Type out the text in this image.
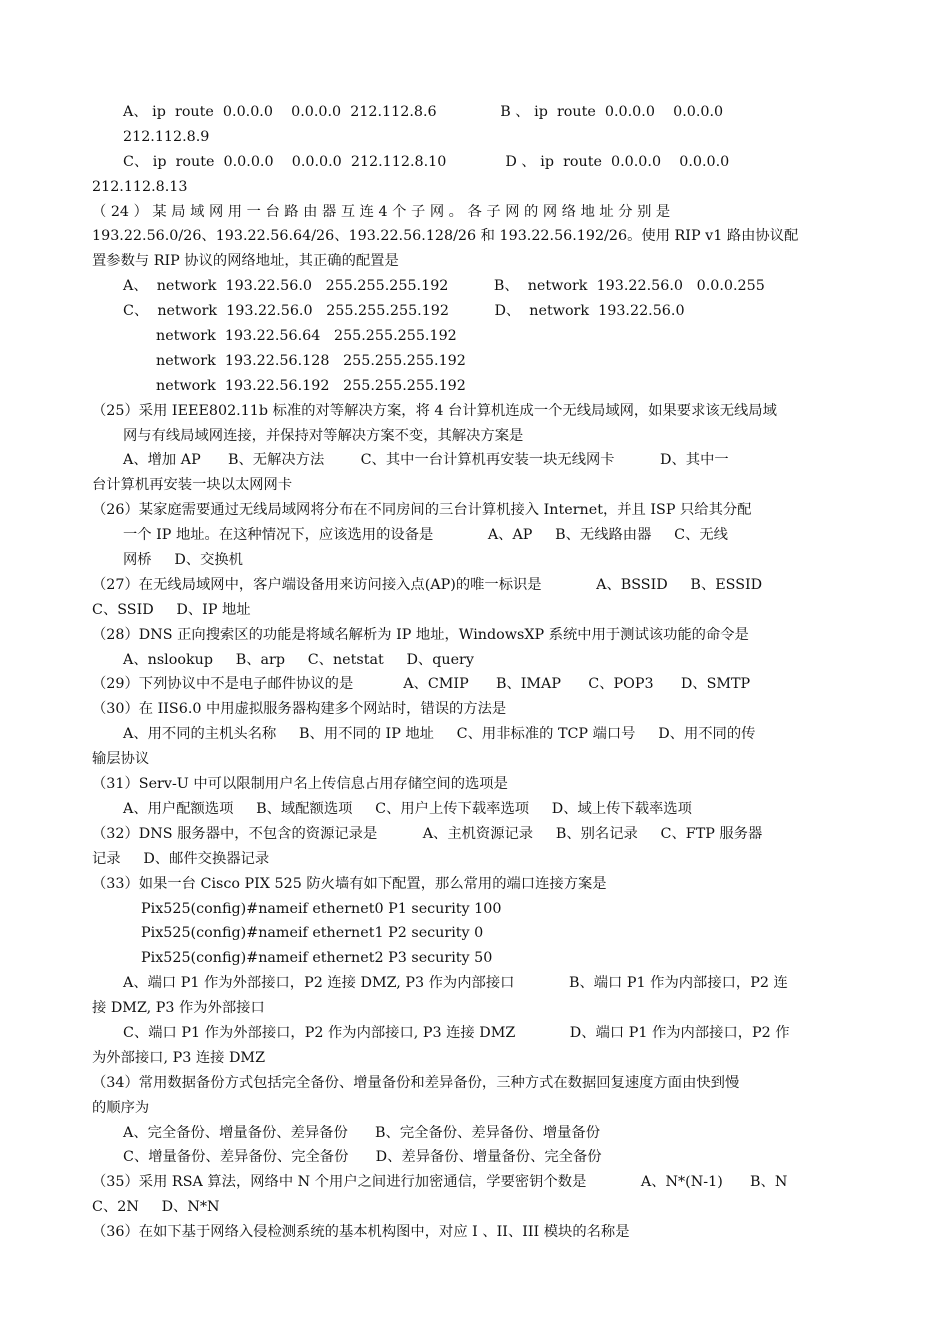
A、 ip  route  0.0.0.0    0.0.0.0  212.112.8.6              B 、 ip  route  0.0.0.0    0.0.0.0
212.112.8.9
C、 ip  route  0.0.0.0    0.0.0.0  212.112.8.10             D 、 ip  route  0.0.0.0    0.0.0.0
212.112.8.13
（ 24 ） 某 局 域 网 用 一 台 路 由 器 互 连 4 个 子 网 。 各 子 网 的 网 络 地 址 分 别 是
193.22.56.0/26、193.22.56.64/26、193.22.56.128/26 和 193.22.56.192/26。使用 RIP v1 路由协议配
置参数与 RIP 协议的网络地址，其正确的配置是
A、  network  193.22.56.0   255.255.255.192          B、  network  193.22.56.0   0.0.0.255
C、  network  193.22.56.0   255.255.255.192          D、  network  193.22.56.0
network  193.22.56.64   255.255.255.192
network  193.22.56.128   255.255.255.192
network  193.22.56.192   255.255.255.192
（25）采用 IEEE802.11b 标准的对等解决方案，将 4 台计算机连成一个无线局域网，如果要求该无线局域
网与有线局域网连接，并保持对等解决方案不变，其解决方案是
A、增加 AP      B、无解决方法        C、其中一台计算机再安装一块无线网卡          D、其中一
台计算机再安装一块以太网网卡
（26）某家庭需要通过无线局域网将分布在不同房间的三台计算机接入 Internet，并且 ISP 只给其分配
一个 IP 地址。在这种情况下，应该选用的设备是            A、AP     B、无线路由器     C、无线
网桥     D、交换机
（27）在无线局域网中，客户端设备用来访问接入点(AP)的唯一标识是            A、BSSID     B、ESSID
C、SSID     D、IP 地址
（28）DNS 正向搜索区的功能是将域名解析为 IP 地址，WindowsXP 系统中用于测试该功能的命令是
A、nslookup     B、arp     C、netstat     D、query
（29）下列协议中不是电子邮件协议的是           A、CMIP      B、IMAP      C、POP3      D、SMTP
（30）在 IIS6.0 中用虚拟服务器构建多个网站时，错误的方法是
A、用不同的主机头名称     B、用不同的 IP 地址     C、用非标准的 TCP 端口号     D、用不同的传
输层协议
（31）Serv-U 中可以限制用户名上传信息占用存储空间的选项是
A、用户配额选项     B、域配额选项     C、用户上传下载率选项     D、域上传下载率选项
（32）DNS 服务器中，不包含的资源记录是          A、主机资源记录     B、别名记录     C、FTP 服务器
记录     D、邮件交换器记录
（33）如果一台 Cisco PIX 525 防火墙有如下配置，那么常用的端口连接方案是
Pix525(config)#nameif ethernet0 P1 security 100
Pix525(config)#nameif ethernet1 P2 security 0
Pix525(config)#nameif ethernet2 P3 security 50
A、端口 P1 作为外部接口，P2 连接 DMZ, P3 作为内部接口            B、端口 P1 作为内部接口，P2 连
接 DMZ, P3 作为外部接口
C、端口 P1 作为外部接口，P2 作为内部接口, P3 连接 DMZ            D、端口 P1 作为内部接口，P2 作
为外部接口, P3 连接 DMZ
（34）常用数据备份方式包括完全备份、增量备份和差异备份，三种方式在数据回复速度方面由快到慢
的顺序为
A、完全备份、增量备份、差异备份      B、完全备份、差异备份、增量备份
C、增量备份、差异备份、完全备份      D、差异备份、增量备份、完全备份
（35）采用 RSA 算法，网络中 N 个用户之间进行加密通信，学要密钥个数是            A、N*(N-1)      B、N
C、2N     D、N*N
（36）在如下基于网络入侵检测系统的基本机构图中，对应 I 、II、III 模块的名称是
